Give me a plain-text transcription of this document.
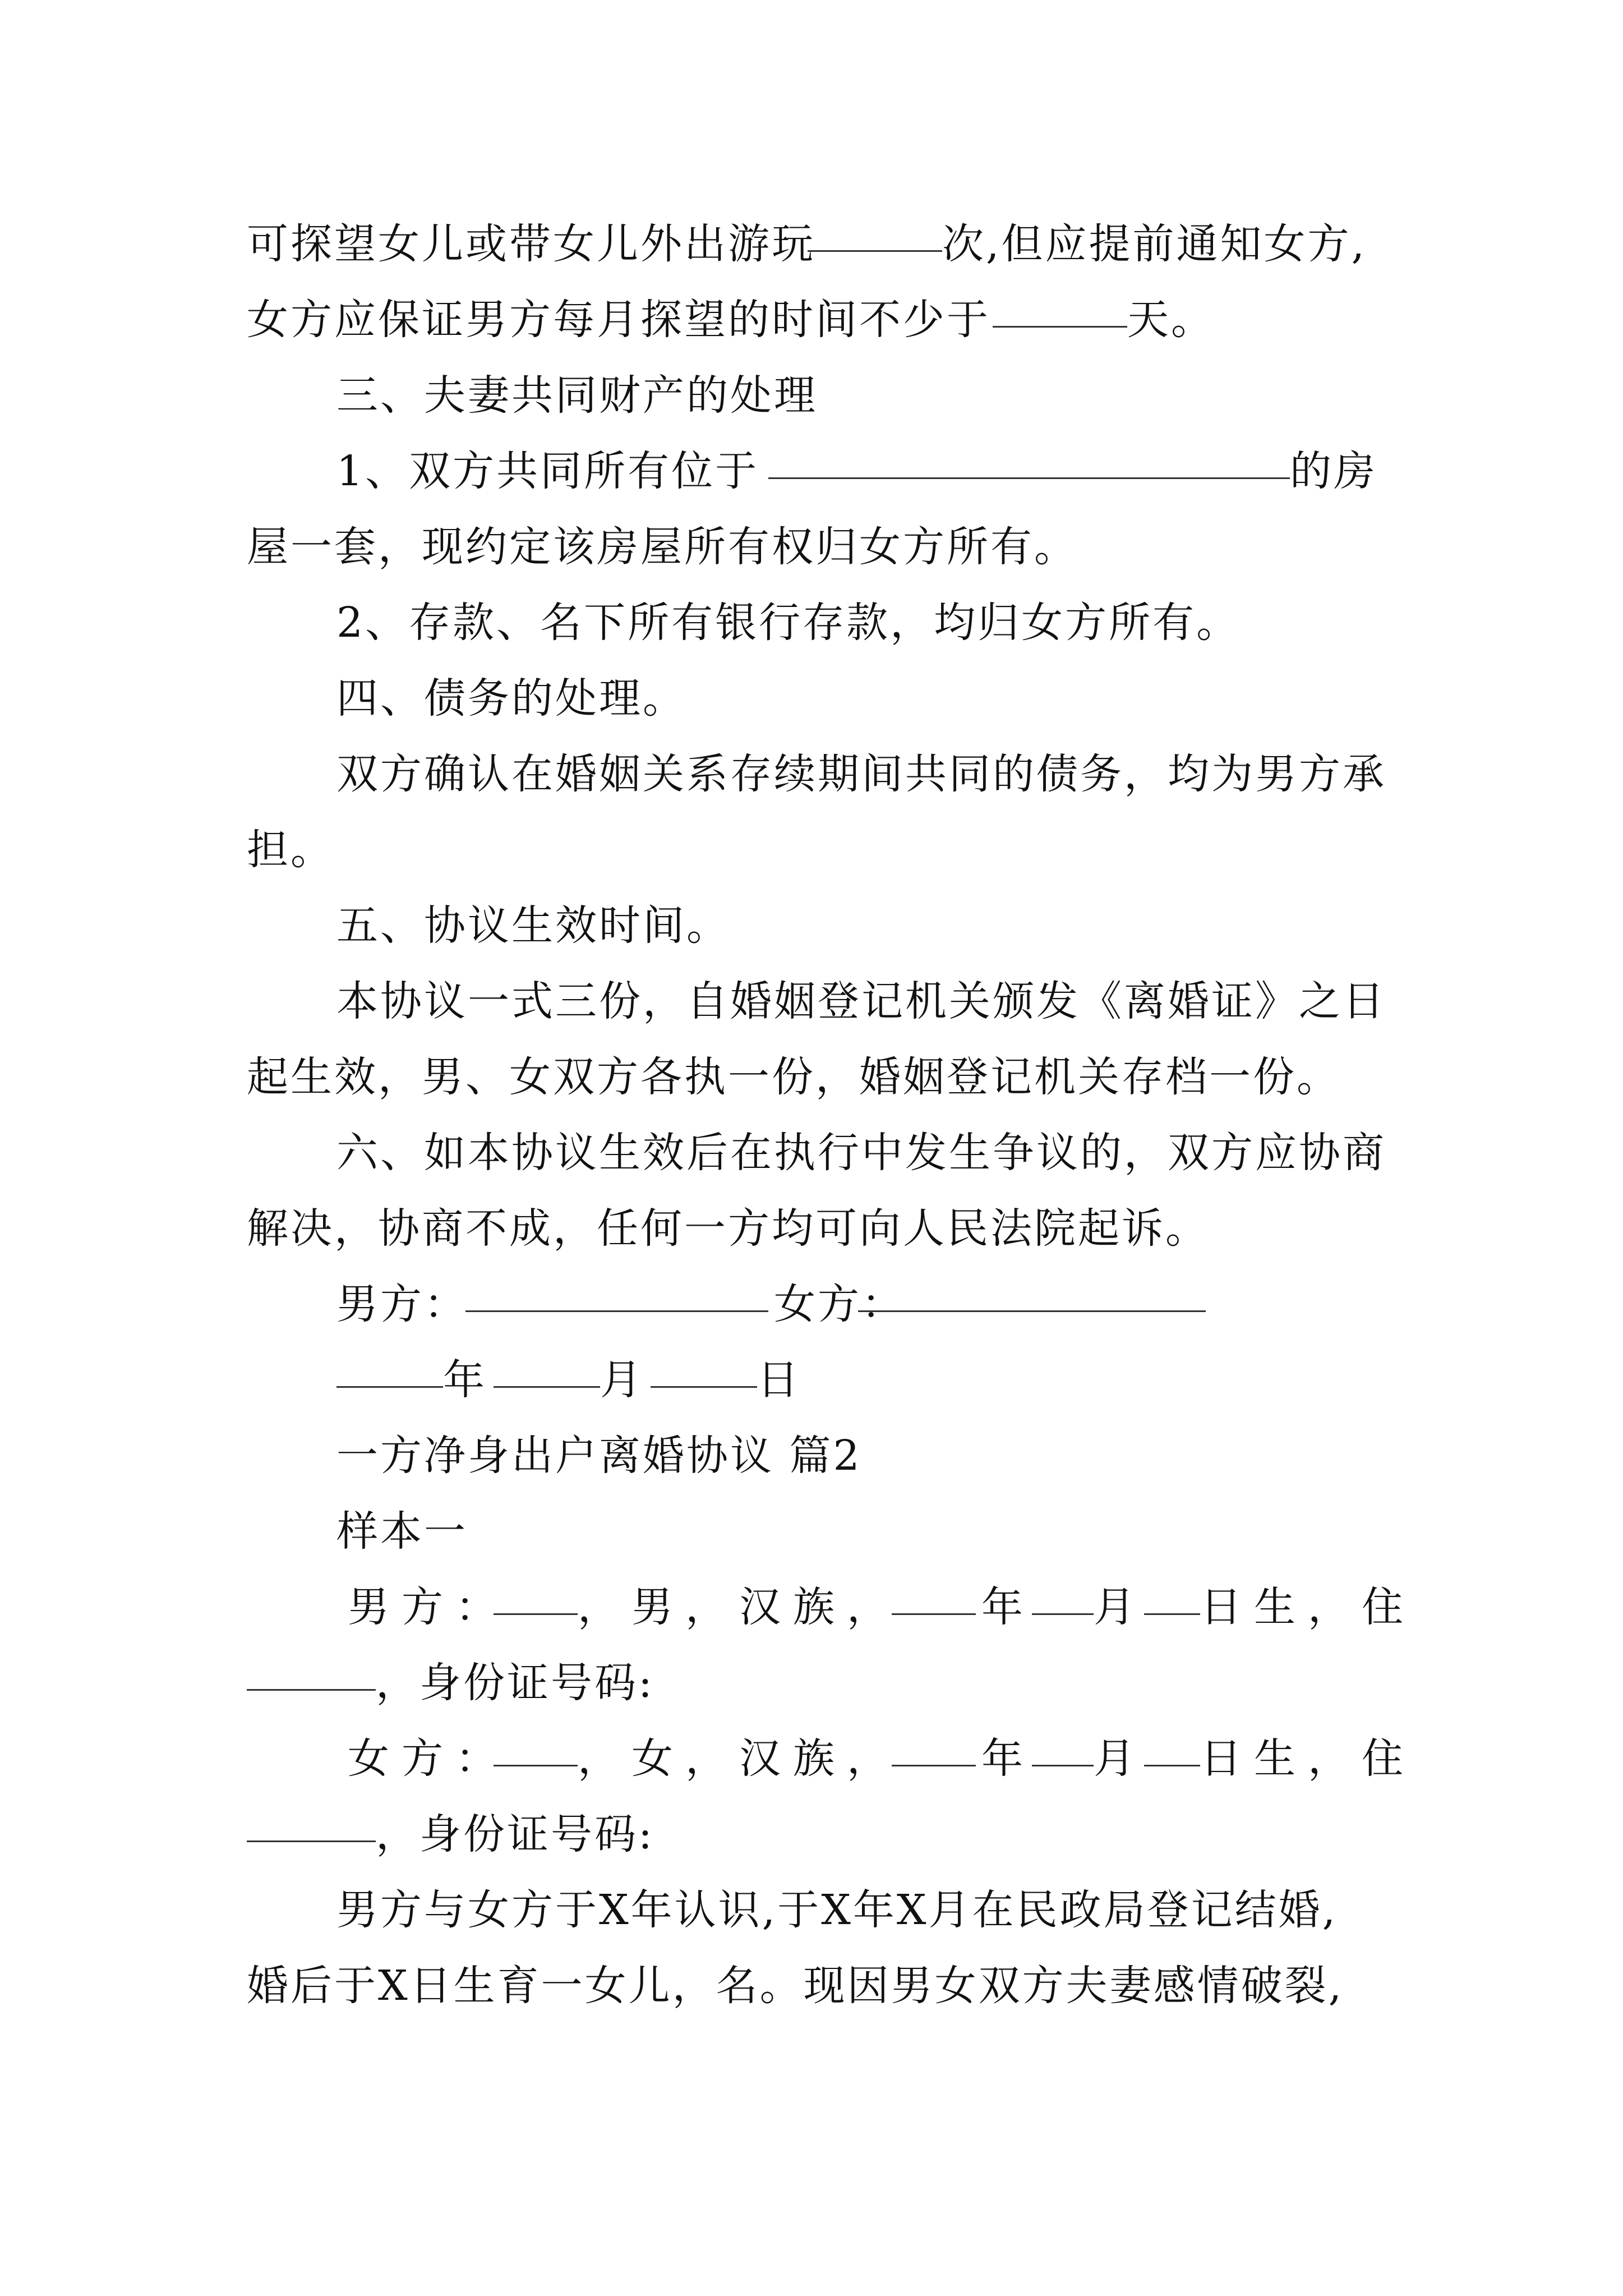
可探望女儿或带女儿外出游玩	次,但应提前通知女方,
女方应保证男方每月探望的时间不少于	天。
三、夫妻共同财产的处理
1、双方共同所有位于	的房
屋一套，现约定该房屋所有权归女方所有。
2、存款、名下所有银行存款，均归女方所有。
四、债务的处理。
双方确认在婚姻关系存续期间共同的债务，均为男方承
担。
五、协议生效时间。
本协议一式三份，自婚姻登记机关颁发《离婚证》之日
起生效，男、女双方各执一份，婚姻登记机关存档一份。
六、如本协议生效后在执行中发生争议的，双方应协商
解决，协商不成，任何一方均可向人民法院起诉。
男方：	女方：
年	月	日
一方净身出户离婚协议 篇2
样本一
男方： ，男，汉族， 年 月 日生，住
，身份证号码:
女方： ，女，汉族， 年 月 日生，住
，身份证号码:
男方与女方于X年认识,于X年X月在民政局登记结婚,
婚后于X日生育一女儿，名。现因男女双方夫妻感情破裂,
